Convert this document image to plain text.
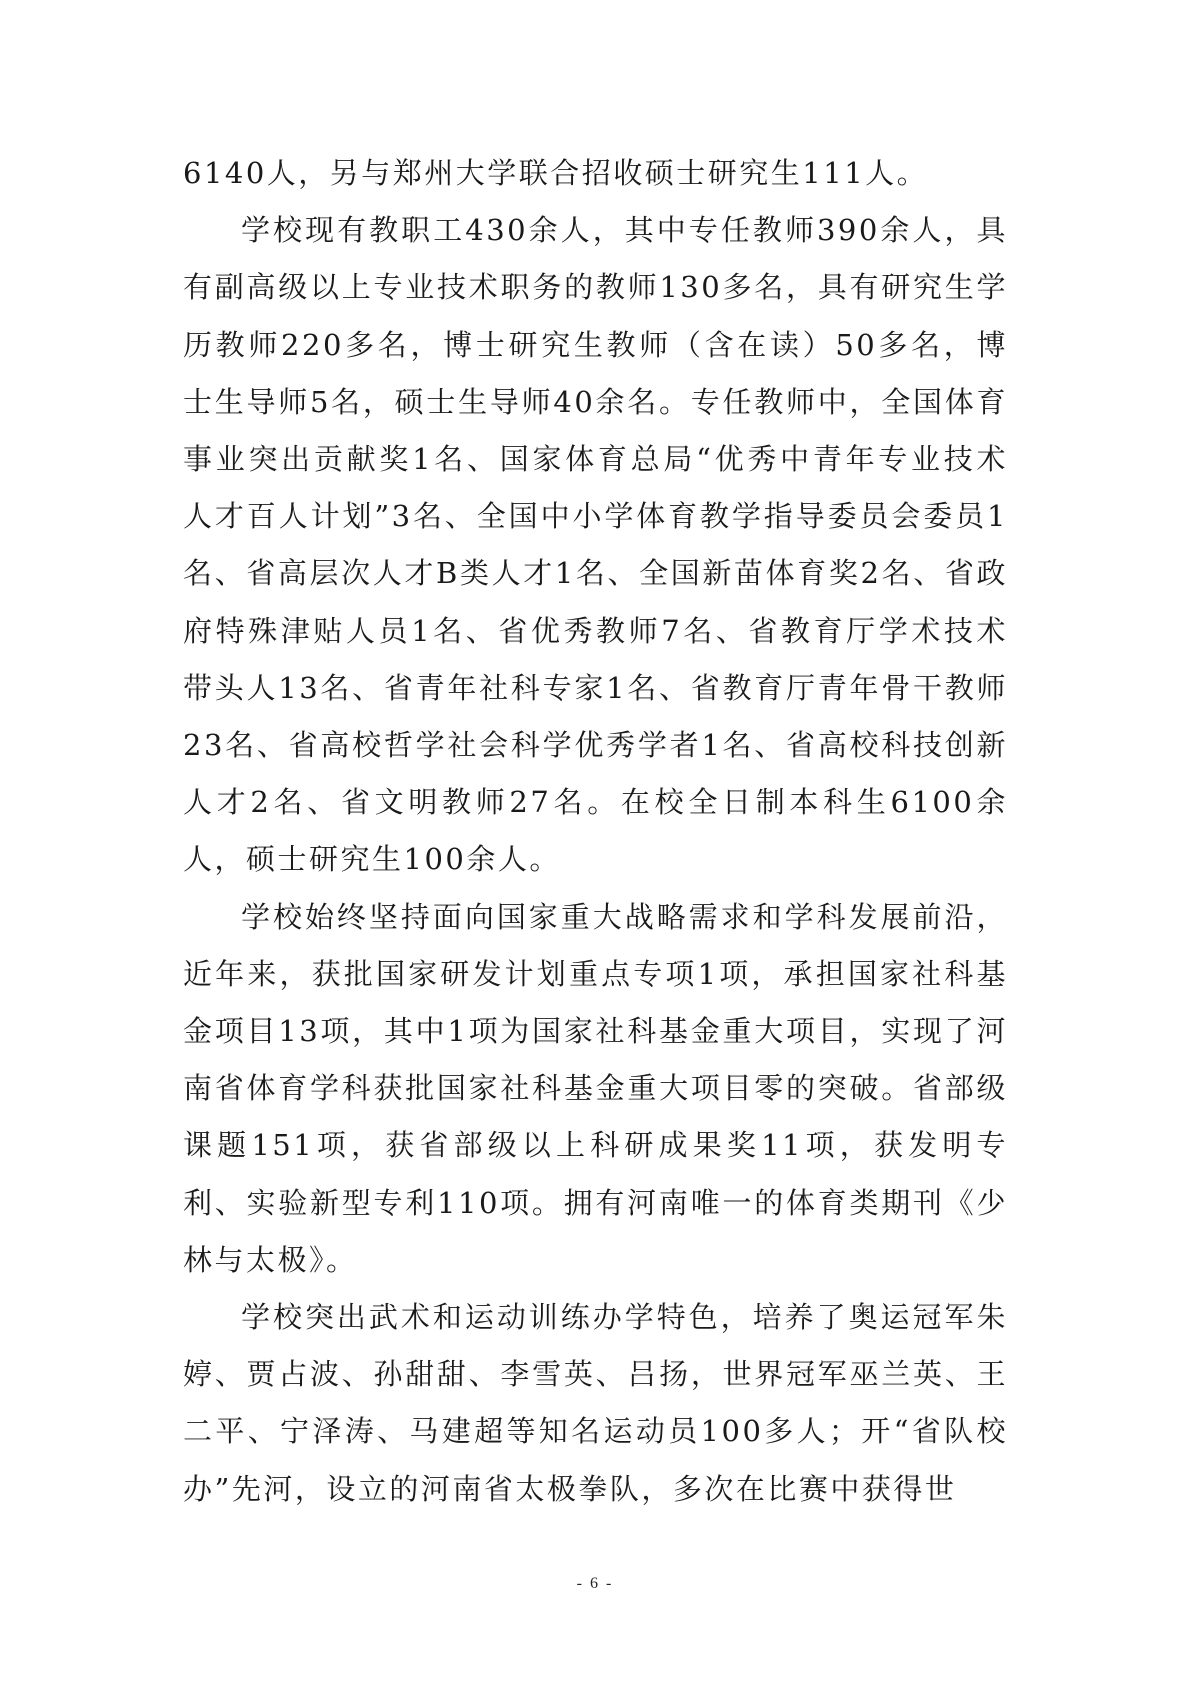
6140人，另与郑州大学联合招收硕士研究生111人。

学校现有教职工430余人，其中专任教师390余人，具有副高级以上专业技术职务的教师130多名，具有研究生学历教师220多名，博士研究生教师（含在读）50多名，博士生导师5名，硕士生导师40余名。专任教师中，全国体育事业突出贡献奖1名、国家体育总局“优秀中青年专业技术人才百人计划”3名、全国中小学体育教学指导委员会委员1名、省高层次人才B类人才1名、全国新苗体育奖2名、省政府特殊津贴人员1名、省优秀教师7名、省教育厅学术技术带头人13名、省青年社科专家1名、省教育厅青年骨干教师23名、省高校哲学社会科学优秀学者1名、省高校科技创新人才2名、省文明教师27名。在校全日制本科生6100余人，硕士研究生100余人。

学校始终坚持面向国家重大战略需求和学科发展前沿，近年来，获批国家研发计划重点专项1项，承担国家社科基金项目13项，其中1项为国家社科基金重大项目，实现了河南省体育学科获批国家社科基金重大项目零的突破。省部级课题151项，获省部级以上科研成果奖11项，获发明专利、实验新型专利110项。拥有河南唯一的体育类期刊《少林与太极》。

学校突出武术和运动训练办学特色，培养了奥运冠军朱婷、贾占波、孙甜甜、李雪英、吕扬，世界冠军巫兰英、王二平、宁泽涛、马建超等知名运动员100多人；开“省队校办”先河，设立的河南省太极拳队，多次在比赛中获得世

- 6 -
